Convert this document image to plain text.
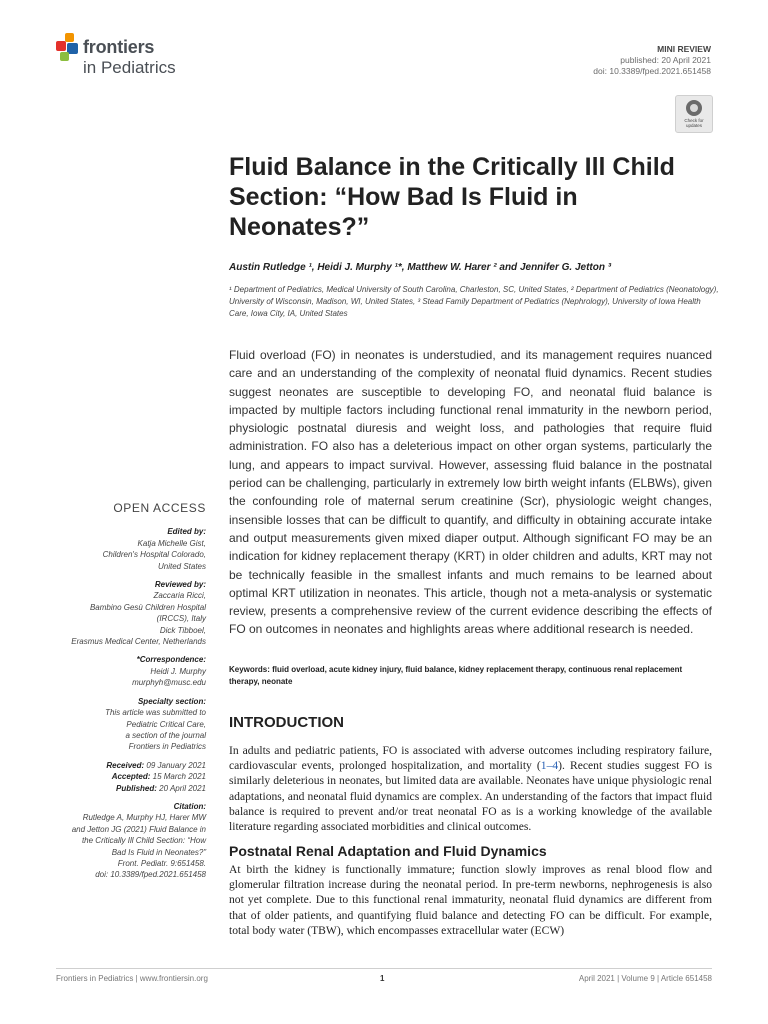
frontiers
in Pediatrics
MINI REVIEW
published: 20 April 2021
doi: 10.3389/fped.2021.651458
Check for updates
Fluid Balance in the Critically Ill Child Section: “How Bad Is Fluid in Neonates?”
Austin Rutledge ¹, Heidi J. Murphy ¹*, Matthew W. Harer ² and Jennifer G. Jetton ³
¹ Department of Pediatrics, Medical University of South Carolina, Charleston, SC, United States, ² Department of Pediatrics (Neonatology), University of Wisconsin, Madison, WI, United States, ³ Stead Family Department of Pediatrics (Nephrology), University of Iowa Health Care, Iowa City, IA, United States
Fluid overload (FO) in neonates is understudied, and its management requires nuanced care and an understanding of the complexity of neonatal fluid dynamics. Recent studies suggest neonates are susceptible to developing FO, and neonatal fluid balance is impacted by multiple factors including functional renal immaturity in the newborn period, physiologic postnatal diuresis and weight loss, and pathologies that require fluid administration. FO also has a deleterious impact on other organ systems, particularly the lung, and appears to impact survival. However, assessing fluid balance in the postnatal period can be challenging, particularly in extremely low birth weight infants (ELBWs), given the confounding role of maternal serum creatinine (Scr), physiologic weight changes, insensible losses that can be difficult to quantify, and difficulty in obtaining accurate intake and output measurements given mixed diaper output. Although significant FO may be an indication for kidney replacement therapy (KRT) in older children and adults, KRT may not be technically feasible in the smallest infants and much remains to be learned about optimal KRT utilization in neonates. This article, though not a meta-analysis or systematic review, presents a comprehensive review of the current evidence describing the effects of FO on outcomes in neonates and highlights areas where additional research is needed.
Keywords: fluid overload, acute kidney injury, fluid balance, kidney replacement therapy, continuous renal replacement therapy, neonate
INTRODUCTION
In adults and pediatric patients, FO is associated with adverse outcomes including respiratory failure, cardiovascular events, prolonged hospitalization, and mortality (1–4). Recent studies suggest FO is similarly deleterious in neonates, but limited data are available. Neonates have unique physiologic renal adaptations, and neonatal fluid dynamics are complex. An understanding of the factors that impact fluid balance is required to prevent and/or treat neonatal FO as is a working knowledge of the available literature regarding associated morbidities and clinical outcomes.
Postnatal Renal Adaptation and Fluid Dynamics
At birth the kidney is functionally immature; function slowly improves as renal blood flow and glomerular filtration increase during the neonatal period. In pre-term newborns, nephrogenesis is also not yet complete. Due to this functional renal immaturity, neonatal fluid dynamics are different from that of older patients, and quantifying fluid balance and detecting FO can be difficult. For example, total body water (TBW), which encompasses extracellular water (ECW)
OPEN ACCESS
Edited by:
Katja Michelle Gist,
Children's Hospital Colorado,
United States
Reviewed by:
Zaccaria Ricci,
Bambino Gesù Children Hospital
(IRCCS), Italy
Dick Tibboel,
Erasmus Medical Center, Netherlands
*Correspondence:
Heidi J. Murphy
murphyh@musc.edu
Specialty section:
This article was submitted to
Pediatric Critical Care,
a section of the journal
Frontiers in Pediatrics
Received: 09 January 2021
Accepted: 15 March 2021
Published: 20 April 2021
Citation:
Rutledge A, Murphy HJ, Harer MW
and Jetton JG (2021) Fluid Balance in
the Critically Ill Child Section: “How
Bad Is Fluid in Neonates?”
Front. Pediatr. 9:651458.
doi: 10.3389/fped.2021.651458
Frontiers in Pediatrics | www.frontiersin.org	1	April 2021 | Volume 9 | Article 651458
